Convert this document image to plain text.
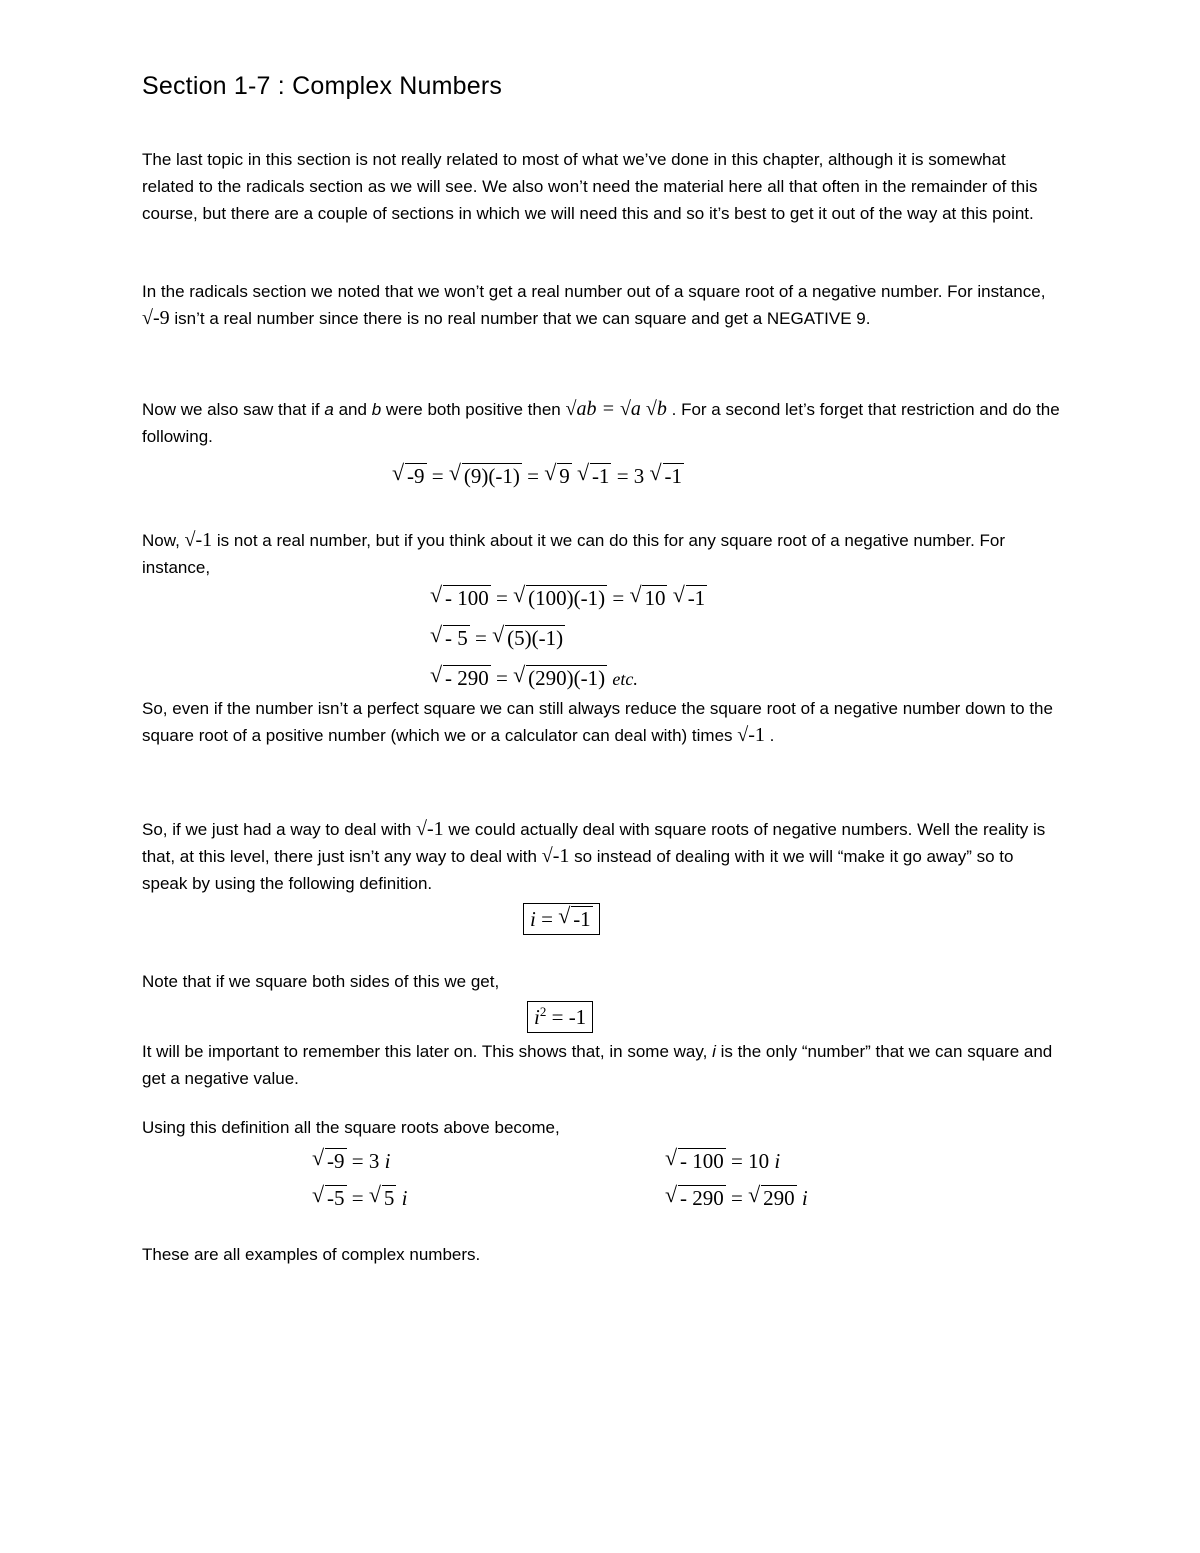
Section 1-7 : Complex Numbers

The last topic in this section is not really related to most of what we’ve done in this chapter, although it is somewhat related to the radicals section as we will see. We also won’t need the material here all that often in the remainder of this course, but there are a couple of sections in which we will need this and so it’s best to get it out of the way at this point.

In the radicals section we noted that we won’t get a real number out of a square root of a negative number. For instance, √-9 isn’t a real number since there is no real number that we can square and get a NEGATIVE 9.

Now we also saw that if a and b were both positive then √ab = √a √b . For a second let’s forget that restriction and do the following.

√ -9 = √ (9)(-1) = √ 9 √ -1 = 3 √ -1

Now, √-1 is not a real number, but if you think about it we can do this for any square root of a negative number. For instance,

√ - 100 = √ (100)(-1) = √ 10 √ -1
√ - 5 = √ (5)(-1)
√ - 290 = √ (290)(-1) etc.

So, even if the number isn’t a perfect square we can still always reduce the square root of a negative number down to the square root of a positive number (which we or a calculator can deal with) times √-1 .

So, if we just had a way to deal with √-1 we could actually deal with square roots of negative numbers. Well the reality is that, at this level, there just isn’t any way to deal with √-1 so instead of dealing with it we will “make it go away” so to speak by using the following definition.

i = √ -1

Note that if we square both sides of this we get,

$i^2 = -1$

It will be important to remember this later on. This shows that, in some way, i is the only “number” that we can square and get a negative value.

Using this definition all the square roots above become,

√ -9 = 3 i	√ - 100 = 10 i
√ -5 = √ 5 i	√ - 290 = √ 290 i

These are all examples of complex numbers.
